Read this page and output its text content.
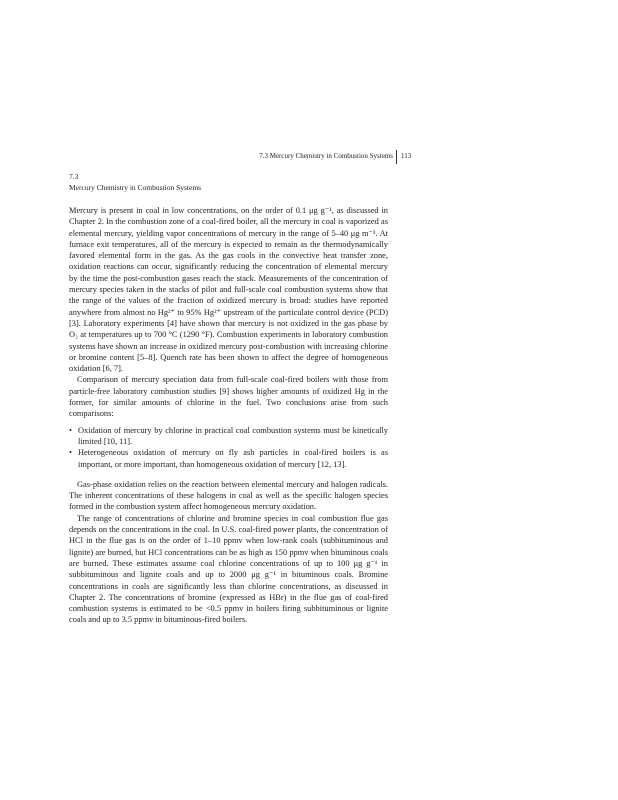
7.3 Mercury Chemistry in Combustion Systems 113
7.3
Mercury Chemistry in Combustion Systems

Mercury is present in coal in low concentrations, on the order of 0.1 μg g⁻¹, as discussed in Chapter 2. In the combustion zone of a coal-fired boiler, all the mercury in coal is vaporized as elemental mercury, yielding vapor concentrations of mercury in the range of 5–40 μg m⁻³. At furnace exit temperatures, all of the mercury is expected to remain as the thermodynamically favored elemental form in the gas. As the gas cools in the convective heat transfer zone, oxidation reactions can occur, significantly reducing the concentration of elemental mercury by the time the post-combustion gases reach the stack. Measurements of the concentration of mercury species taken in the stacks of pilot and full-scale coal combustion systems show that the range of the values of the fraction of oxidized mercury is broad: studies have reported anywhere from almost no Hg²⁺ to 95% Hg²⁺ upstream of the particulate control device (PCD) [3]. Laboratory experiments [4] have shown that mercury is not oxidized in the gas phase by O₂ at temperatures up to 700 °C (1290 °F). Combustion experiments in laboratory combustion systems have shown an increase in oxidized mercury post-combustion with increasing chlorine or bromine content [5–8]. Quench rate has been shown to affect the degree of homogeneous oxidation [6, 7].

Comparison of mercury speciation data from full-scale coal-fired boilers with those from particle-free laboratory combustion studies [9] shows higher amounts of oxidized Hg in the former, for similar amounts of chlorine in the fuel. Two conclusions arise from such comparisons:

• Oxidation of mercury by chlorine in practical coal combustion systems must be kinetically limited [10, 11].
• Heterogeneous oxidation of mercury on fly ash particles in coal-fired boilers is as important, or more important, than homogeneous oxidation of mercury [12, 13].

Gas-phase oxidation relies on the reaction between elemental mercury and halogen radicals. The inherent concentrations of these halogens in coal as well as the specific halogen species formed in the combustion system affect homogeneous mercury oxidation.

The range of concentrations of chlorine and bromine species in coal combustion flue gas depends on the concentrations in the coal. In U.S. coal-fired power plants, the concentration of HCl in the flue gas is on the order of 1–10 ppmv when low-rank coals (subbituminous and lignite) are burned, but HCl concentrations can be as high as 150 ppmv when bituminous coals are burned. These estimates assume coal chlorine concentrations of up to 100 μg g⁻¹ in subbituminous and lignite coals and up to 2000 μg g⁻¹ in bituminous coals. Bromine concentrations in coals are significantly less than chlorine concentrations, as discussed in Chapter 2. The concentrations of bromine (expressed as HBr) in the flue gas of coal-fired combustion systems is estimated to be <0.5 ppmv in boilers firing subbituminous or lignite coals and up to 3.5 ppmv in bituminous-fired boilers.
